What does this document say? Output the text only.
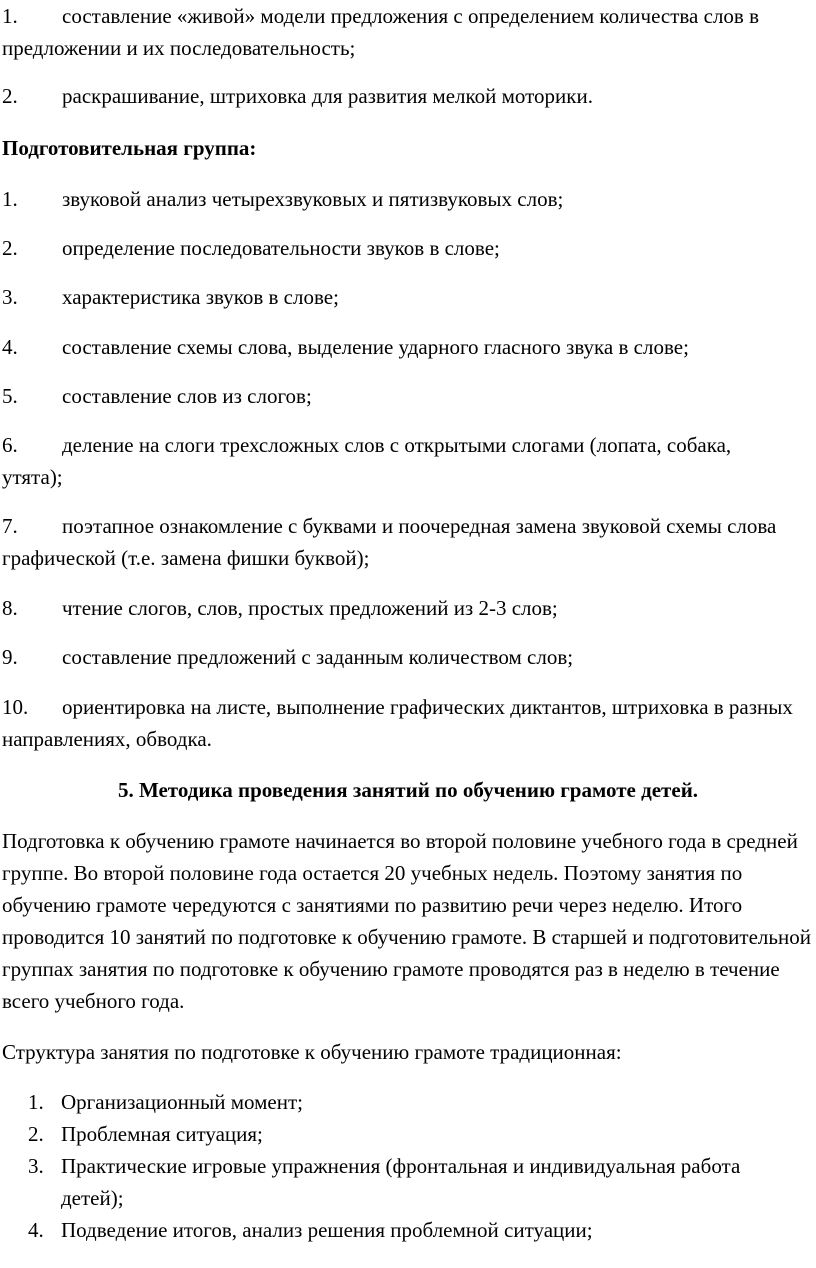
1. составление «живой» модели предложения с определением количества слов в предложении и их последовательность;

2.	раскрашивание, штриховка для развития мелкой моторики.

Подготовительная группа:

1.	звуковой анализ четырехзвуковых и пятизвуковых слов;

2.	определение последовательности звуков в слове;

3.	характеристика звуков в слове;

4.	составление схемы слова, выделение ударного гласного звука в слове;

5.	составление слов из слогов;

6. деление на слоги трехсложных слов с открытыми слогами (лопата, собака, утята);

7. поэтапное ознакомление с буквами и поочередная замена звуковой схемы слова графической (т.е. замена фишки буквой);

8.	чтение слогов, слов, простых предложений из 2-3 слов;

9.	составление предложений с заданным количеством слов;

10. ориентировка на листе, выполнение графических диктантов, штриховка в разных направлениях, обводка.

5. Методика проведения занятий по обучению грамоте детей.

Подготовка к обучению грамоте начинается во второй половине учебного года в средней группе. Во второй половине года остается 20 учебных недель. Поэтому занятия по обучению грамоте чередуются с занятиями по развитию речи через неделю. Итого проводится 10 занятий по подготовке к обучению грамоте. В старшей и подготовительной группах занятия по подготовке к обучению грамоте проводятся раз в неделю в течение всего учебного года.

Структура занятия по подготовке к обучению грамоте традиционная:

1. Организационный момент;

2. Проблемная ситуация;

3. Практические игровые упражнения (фронтальная и индивидуальная работа детей);

4. Подведение итогов, анализ решения проблемной ситуации;
